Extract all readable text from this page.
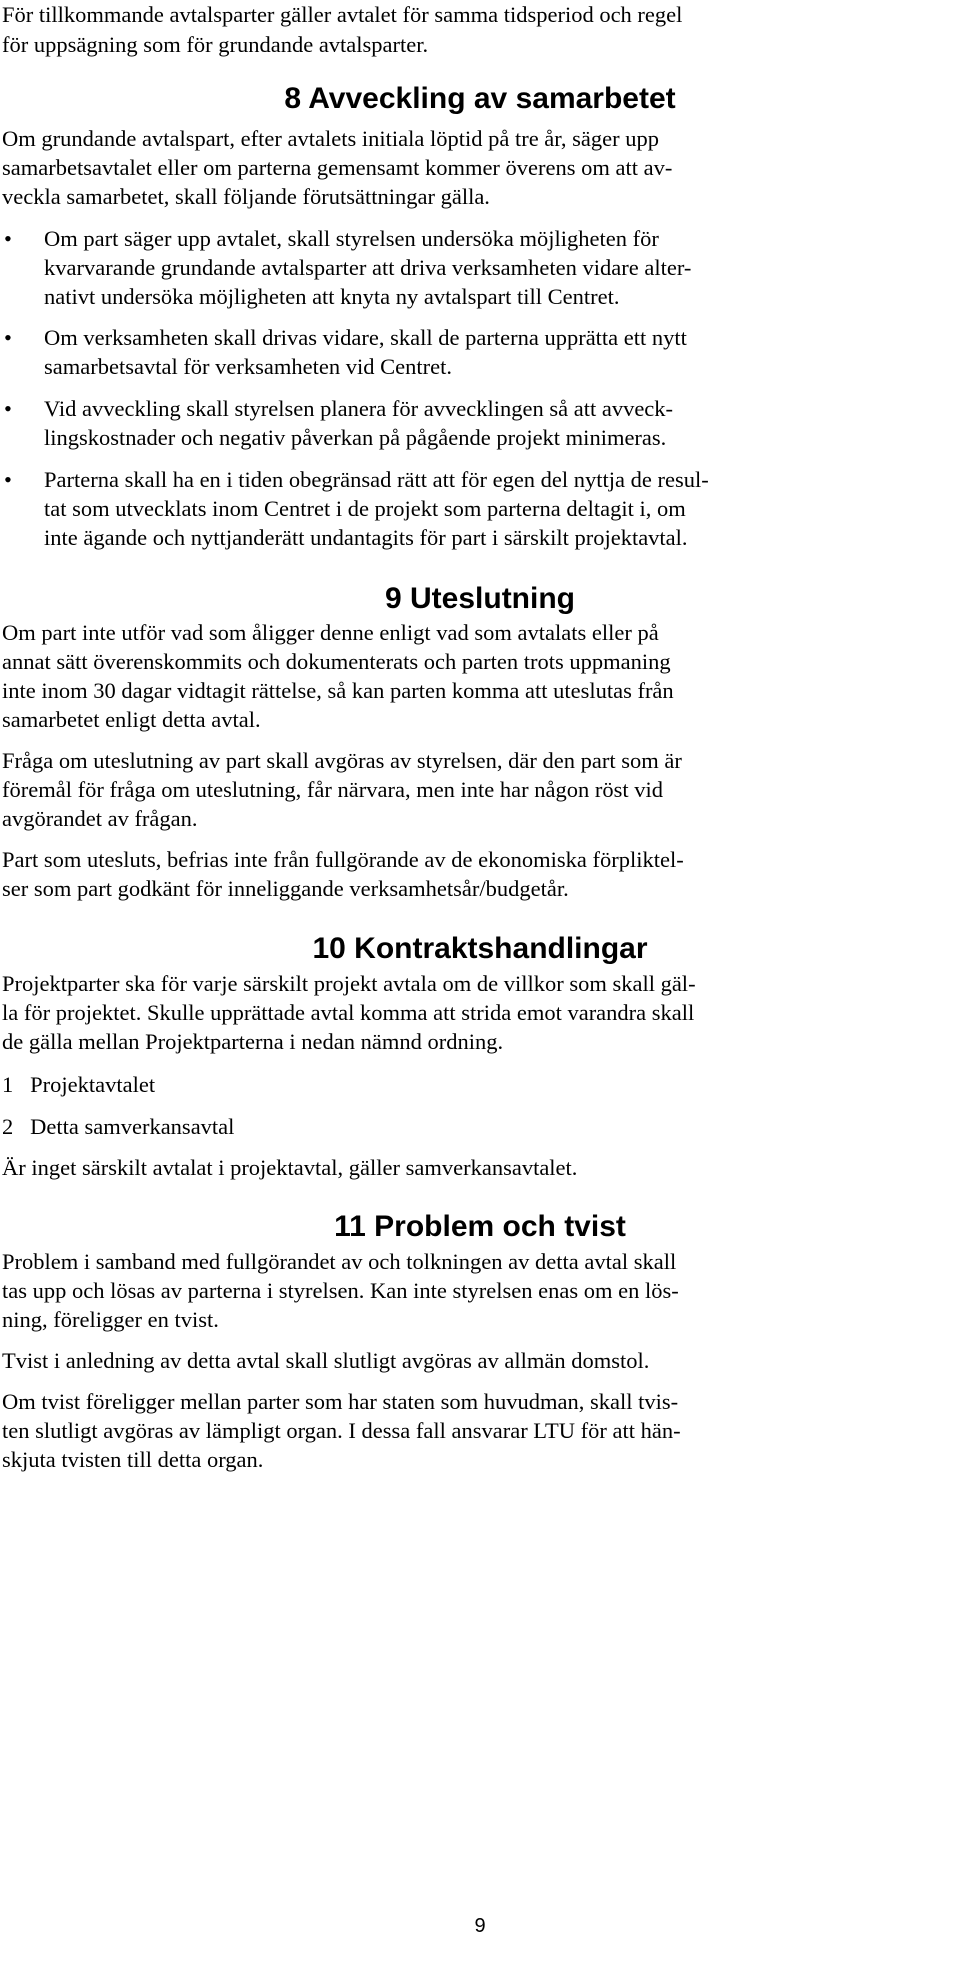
För tillkommande avtalsparter gäller avtalet för samma tidsperiod och regel
för uppsägning som för grundande avtalsparter.
8 Avveckling av samarbetet
Om grundande avtalspart, efter avtalets initiala löptid på tre år, säger upp
samarbetsavtalet eller om parterna gemensamt kommer överens om att av-
veckla samarbetet, skall följande förutsättningar gälla.
• Om part säger upp avtalet, skall styrelsen undersöka möjligheten för
kvarvarande grundande avtalsparter att driva verksamheten vidare alter-
nativt undersöka möjligheten att knyta ny avtalspart till Centret.
• Om verksamheten skall drivas vidare, skall de parterna upprätta ett nytt
samarbetsavtal för verksamheten vid Centret.
• Vid avveckling skall styrelsen planera för avvecklingen så att avveck-
lingskostnader och negativ påverkan på pågående projekt minimeras.
• Parterna skall ha en i tiden obegränsad rätt att för egen del nyttja de resul-
tat som utvecklats inom Centret i de projekt som parterna deltagit i, om
inte ägande och nyttjanderätt undantagits för part i särskilt projektavtal.
9 Uteslutning
Om part inte utför vad som åligger denne enligt vad som avtalats eller på
annat sätt överenskommits och dokumenterats och parten trots uppmaning
inte inom 30 dagar vidtagit rättelse, så kan parten komma att uteslutas från
samarbetet enligt detta avtal.
Fråga om uteslutning av part skall avgöras av styrelsen, där den part som är
föremål för fråga om uteslutning, får närvara, men inte har någon röst vid
avgörandet av frågan.
Part som utesluts, befrias inte från fullgörande av de ekonomiska förpliktel-
ser som part godkänt för inneliggande verksamhetsår/budgetår.
10 Kontraktshandlingar
Projektparter ska för varje särskilt projekt avtala om de villkor som skall gäl-
la för projektet. Skulle upprättade avtal komma att strida emot varandra skall
de gälla mellan Projektparterna i nedan nämnd ordning.
1   Projektavtalet
2   Detta samverkansavtal
Är inget särskilt avtalat i projektavtal, gäller samverkansavtalet.
11 Problem och tvist
Problem i samband med fullgörandet av och tolkningen av detta avtal skall
tas upp och lösas av parterna i styrelsen. Kan inte styrelsen enas om en lös-
ning, föreligger en tvist.
Tvist i anledning av detta avtal skall slutligt avgöras av allmän domstol.
Om tvist föreligger mellan parter som har staten som huvudman, skall tvis-
ten slutligt avgöras av lämpligt organ. I dessa fall ansvarar LTU för att hän-
skjuta tvisten till detta organ.
9
